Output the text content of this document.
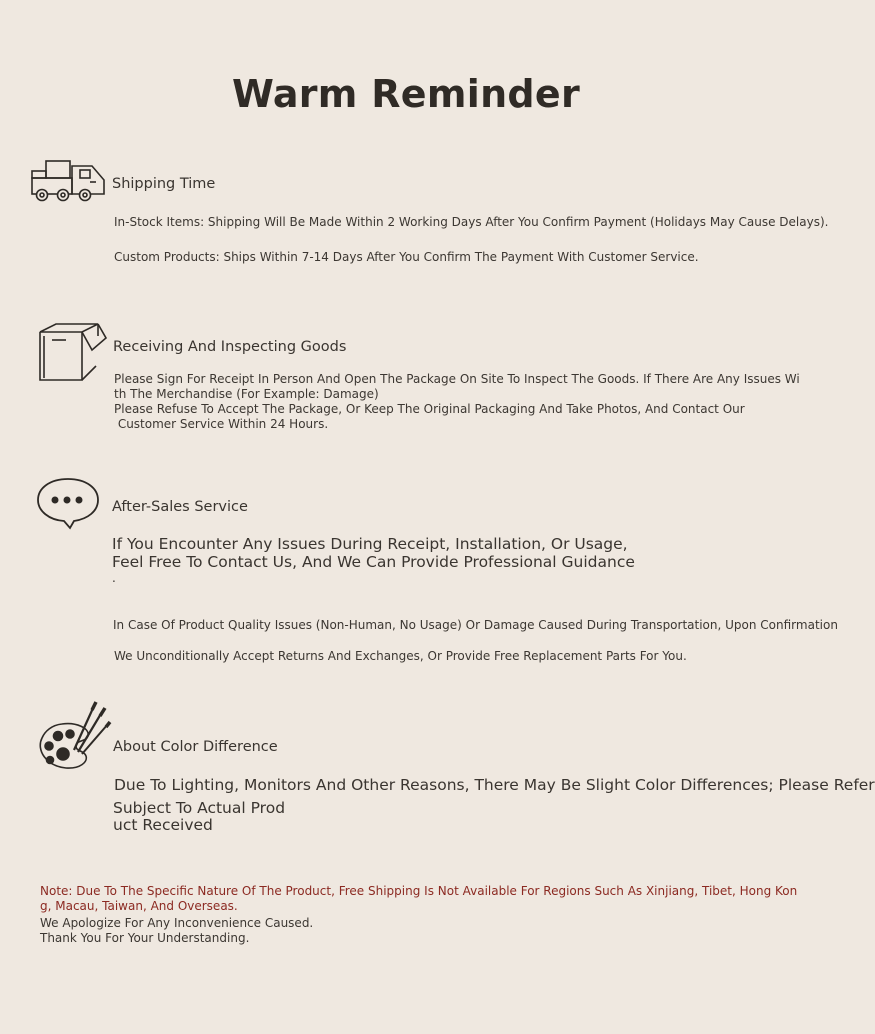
Warm Reminder
Shipping Time
In-Stock Items: Shipping Will Be Made Within 2 Working Days After You Confirm Payment (Holidays May Cause Delays).
Custom Products: Ships Within 7-14 Days After You Confirm The Payment With Customer Service.
Receiving And Inspecting Goods
Please Sign For Receipt In Person And Open The Package On Site To Inspect The Goods. If There Are Any Issues Wi
th The Merchandise (For Example: Damage)
Please Refuse To Accept The Package, Or Keep The Original Packaging And Take Photos, And Contact Our
Customer Service Within 24 Hours.
After-Sales Service
If You Encounter Any Issues During Receipt, Installation, Or Usage,
Feel Free To Contact Us, And We Can Provide Professional Guidance
.
In Case Of Product Quality Issues (Non-Human, No Usage) Or Damage Caused During Transportation, Upon Confirmation
We Unconditionally Accept Returns And Exchanges, Or Provide Free Replacement Parts For You.
About Color Difference
Due To Lighting, Monitors And Other Reasons, There May Be Slight Color Differences; Please Refer
Subject To Actual Prod
uct Received
Note: Due To The Specific Nature Of The Product, Free Shipping Is Not Available For Regions Such As Xinjiang, Tibet, Hong Kon
g, Macau, Taiwan, And Overseas.
We Apologize For Any Inconvenience Caused.
Thank You For Your Understanding.
